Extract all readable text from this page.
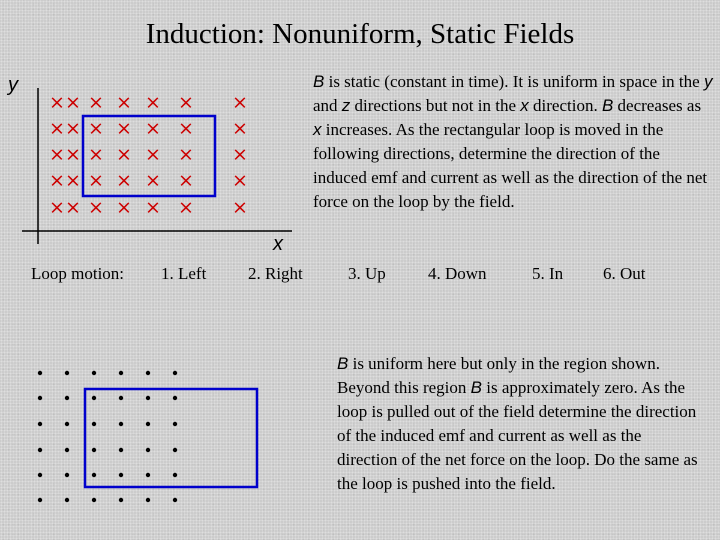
Induction: Nonuniform, Static Fields
× × × × × × ×
× × × × × × ×
× × × × × × ×
× × × × × × ×
× × × × × × ×
y
x
B is static (constant in time). It is uniform in space in the y and z directions but not in the x direction. B decreases as x increases. As the rectangular loop is moved in the following directions, determine the direction of the induced emf and current as well as the direction of the net force on the loop by the field.
Loop motion: 1. Left 2. Right	3. Up 4. Down	5. In 6. Out
B is uniform here but only in the region shown. Beyond this region B is approximately zero. As the loop is pulled out of the field determine the direction of the induced emf and current as well as the direction of the net force on the loop. Do the same as the loop is pushed into the field.
